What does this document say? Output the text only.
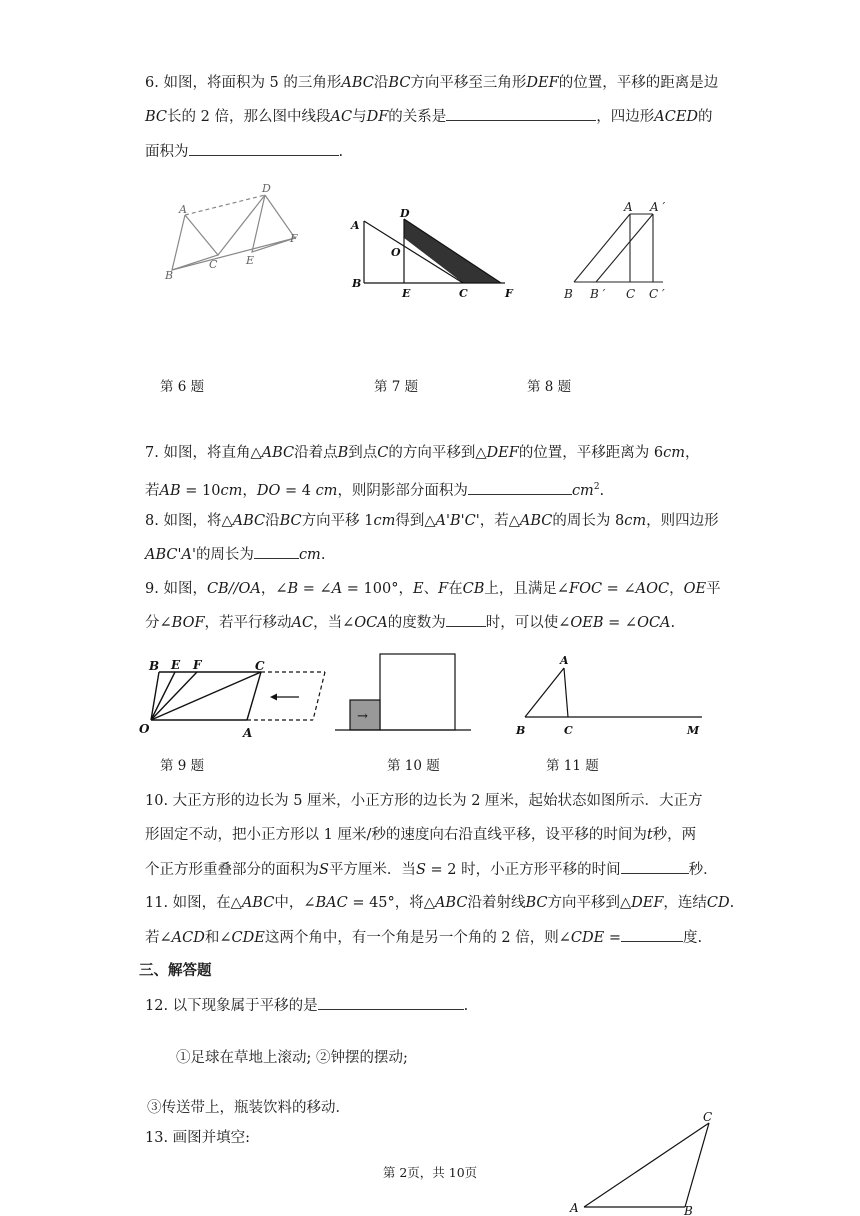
6. 如图，将面积为 5 的三角形ABC沿BC方向平移至三角形DEF的位置，平移的距离是边
BC长的 2 倍，那么图中线段AC与DF的关系是	，四边形ACED的
面积为	.
A
B
C
D
E
F
A
B
C
D
E	F
O
A A ′
B B ′ C C ′
第 6 题	第 7 题	第 8 题
7. 如图，将直角△ABC沿着点B到点C的方向平移到△DEF的位置，平移距离为 6cm，
若AB = 10cm，DO = 4 cm，则阴影部分面积为	$cm^2$.
8. 如图，将△ABC沿BC方向平移 1cm得到△A'B'C'，若△ABC的周长为 8cm，则四边形
ABC'A'的周长为	cm.
9. 如图，CB//OA，∠B = ∠A = 100°，E、F在CB上，且满足∠FOC = ∠AOC，OE平
分∠BOF，若平行移动AC，当∠OCA的度数为	时，可以使∠OEB = ∠OCA.
B E F	C
O	A
→
A
B	C	M
第 9 题	第 10 题	第 11 题
10. 大正方形的边长为 5 厘米，小正方形的边长为 2 厘米，起始状态如图所示．大正方
形固定不动，把小正方形以 1 厘米/秒的速度向右沿直线平移，设平移的时间为t秒，两
个正方形重叠部分的面积为S平方厘米．当S = 2 时，小正方形平移的时间	秒．
11. 如图，在△ABC中，∠BAC = 45°，将△ABC沿着射线BC方向平移到△DEF，连结CD.
若∠ACD和∠CDE这两个角中，有一个角是另一个角的 2 倍，则∠CDE =	度.
三、解答题
12. 以下现象属于平移的是	.
①足球在草地上滚动; ②钟摆的摆动;
③传送带上，瓶装饮料的移动．
13. 画图并填空:
C
A	B
第 2页，共 10页
